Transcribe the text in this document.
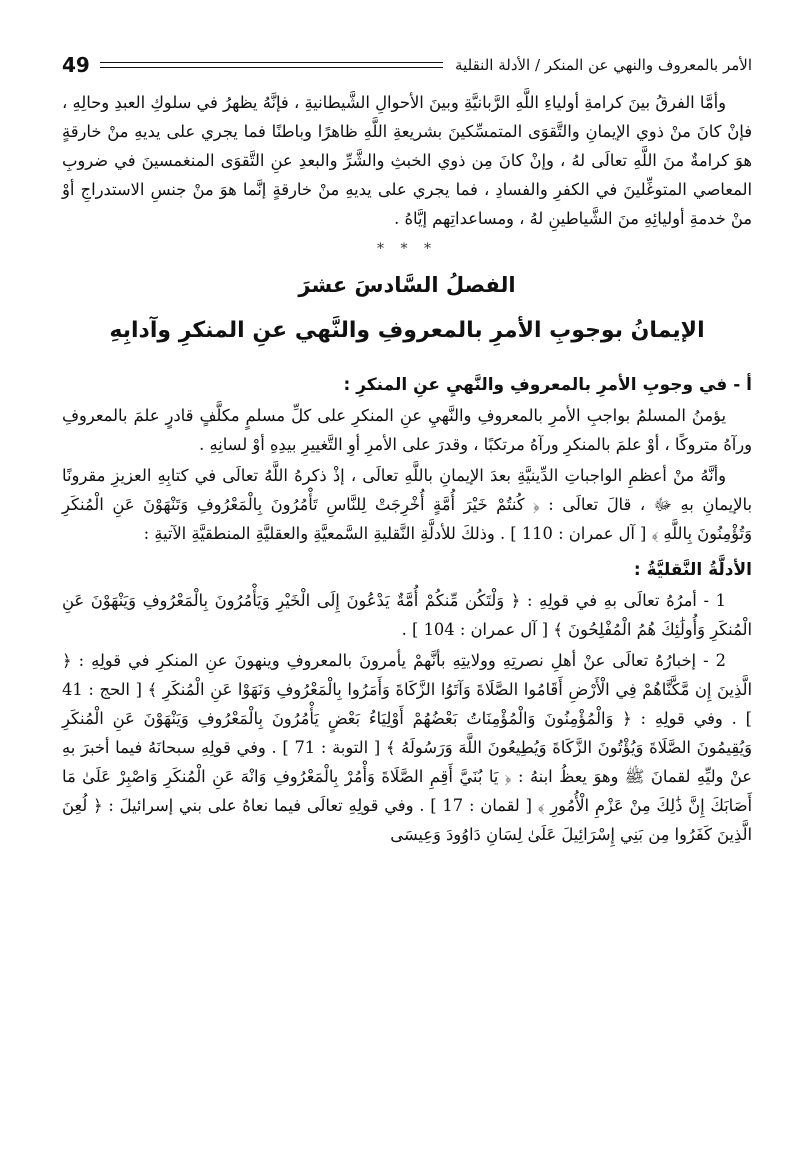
الأمر بالمعروف والنهي عن المنكر / الأدلة النقلية
49

وأمَّا الفرقُ بينَ كرامةِ أولياءِ اللَّهِ الرَّبانيَّةِ وبينَ الأحوالِ الشَّيطانيةِ ، فإنَّهُ يظهرُ في سلوكِ العبدِ وحالِهِ ، فإنْ كانَ منْ ذوي الإيمانِ والتَّقوَى المتمسِّكينَ بشريعةِ اللَّهِ ظاهرًا وباطنًا فما يجري على يديهِ منْ خارقةٍ هوَ كرامةٌ منَ اللَّهِ تعالَى لهُ ، وإنْ كانَ مِن ذوي الخبثِ والشَّرِّ والبعدِ عنِ التَّقوَى المنغمسينَ في ضروبِ المعاصي المتوغِّلينَ في الكفرِ والفسادِ ، فما يجري على يديهِ منْ خارقةٍ إنَّما هوَ منْ جنسِ الاستدراجِ أوْ منْ خدمةِ أوليائِهِ منَ الشَّياطينِ لهُ ، ومساعداتِهم إيَّاهُ .

* * *
الفصلُ السَّادسَ عشرَ
الإيمانُ بوجوبِ الأمرِ بالمعروفِ والنَّهي عنِ المنكرِ وآدابِهِ
أ - في وجوبِ الأمرِ بالمعروفِ والنَّهيِ عنِ المنكرِ :

يؤمنُ المسلمُ بواجبِ الأمرِ بالمعروفِ والنَّهيِ عنِ المنكرِ على كلِّ مسلمٍ مكلَّفٍ قادرٍ علمَ بالمعروفِ ورآهُ متروكًا ، أوْ علمَ بالمنكرِ ورآهُ مرتكبًا ، وقدرَ على الأمرِ أوِ التَّغييرِ بيدِهِ أوْ لسانِهِ .

وأنَّهُ منْ أعظمِ الواجباتِ الدِّينيَّةِ بعدَ الإيمانِ باللَّهِ تعالَى ، إذْ ذكرهُ اللَّهُ تعالَى في كتابِهِ العزيزِ مقرونًا بالإيمانِ بهِ ﷻ ، قالَ تعالَى : ﴿ كُنتُمْ خَيْرَ أُمَّةٍ أُخْرِجَتْ لِلنَّاسِ تَأْمُرُونَ بِالْمَعْرُوفِ وَتَنْهَوْنَ عَنِ الْمُنكَرِ وَتُؤْمِنُونَ بِاللَّهِ ﴾ [ آل عمران : 110 ] . وذلكَ للأدلَّةِ النَّقليةِ السَّمعيَّةِ والعقليَّةِ المنطقيَّةِ الآتيةِ :

الأدلَّةُ النَّقليَّةُ :

1 - أمرُهُ تعالَى بهِ في قولِهِ : ﴿ وَلْتَكُن مِّنكُمْ أُمَّةٌ يَدْعُونَ إِلَى الْخَيْرِ وَيَأْمُرُونَ بِالْمَعْرُوفِ وَيَنْهَوْنَ عَنِ الْمُنكَرِ وَأُولَٰئِكَ هُمُ الْمُفْلِحُونَ ﴾ [ آل عمران : 104 ] .

2 - إخبارُهُ تعالَى عنْ أهلِ نصرتِهِ وولايتِهِ بأنَّهمْ يأمرونَ بالمعروفِ وينهونَ عنِ المنكرِ في قولِهِ : ﴿ الَّذِينَ إِن مَّكَّنَّاهُمْ فِي الْأَرْضِ أَقَامُوا الصَّلَاةَ وَآتَوُا الزَّكَاةَ وَأَمَرُوا بِالْمَعْرُوفِ وَنَهَوْا عَنِ الْمُنكَرِ ﴾ [ الحج : 41 ] . وفي قولِهِ : ﴿ وَالْمُؤْمِنُونَ وَالْمُؤْمِنَاتُ بَعْضُهُمْ أَوْلِيَاءُ بَعْضٍ يَأْمُرُونَ بِالْمَعْرُوفِ وَيَنْهَوْنَ عَنِ الْمُنكَرِ وَيُقِيمُونَ الصَّلَاةَ وَيُؤْتُونَ الزَّكَاةَ وَيُطِيعُونَ اللَّهَ وَرَسُولَهُ ﴾ [ التوبة : 71 ] . وفي قولِهِ سبحانَهُ فيما أخبرَ بهِ عنْ وليِّهِ لقمانَ ﷺ وهوَ يعظُ ابنهُ : ﴿ يَا بُنَيَّ أَقِمِ الصَّلَاةَ وَأْمُرْ بِالْمَعْرُوفِ وَانْهَ عَنِ الْمُنكَرِ وَاصْبِرْ عَلَىٰ مَا أَصَابَكَ إِنَّ ذَٰلِكَ مِنْ عَزْمِ الْأُمُورِ ﴾ [ لقمان : 17 ] . وفي قولِهِ تعالَى فيما نعاهُ على بني إسرائيلَ : ﴿ لُعِنَ الَّذِينَ كَفَرُوا مِن بَنِي إِسْرَائِيلَ عَلَىٰ لِسَانِ دَاوُودَ وَعِيسَى
